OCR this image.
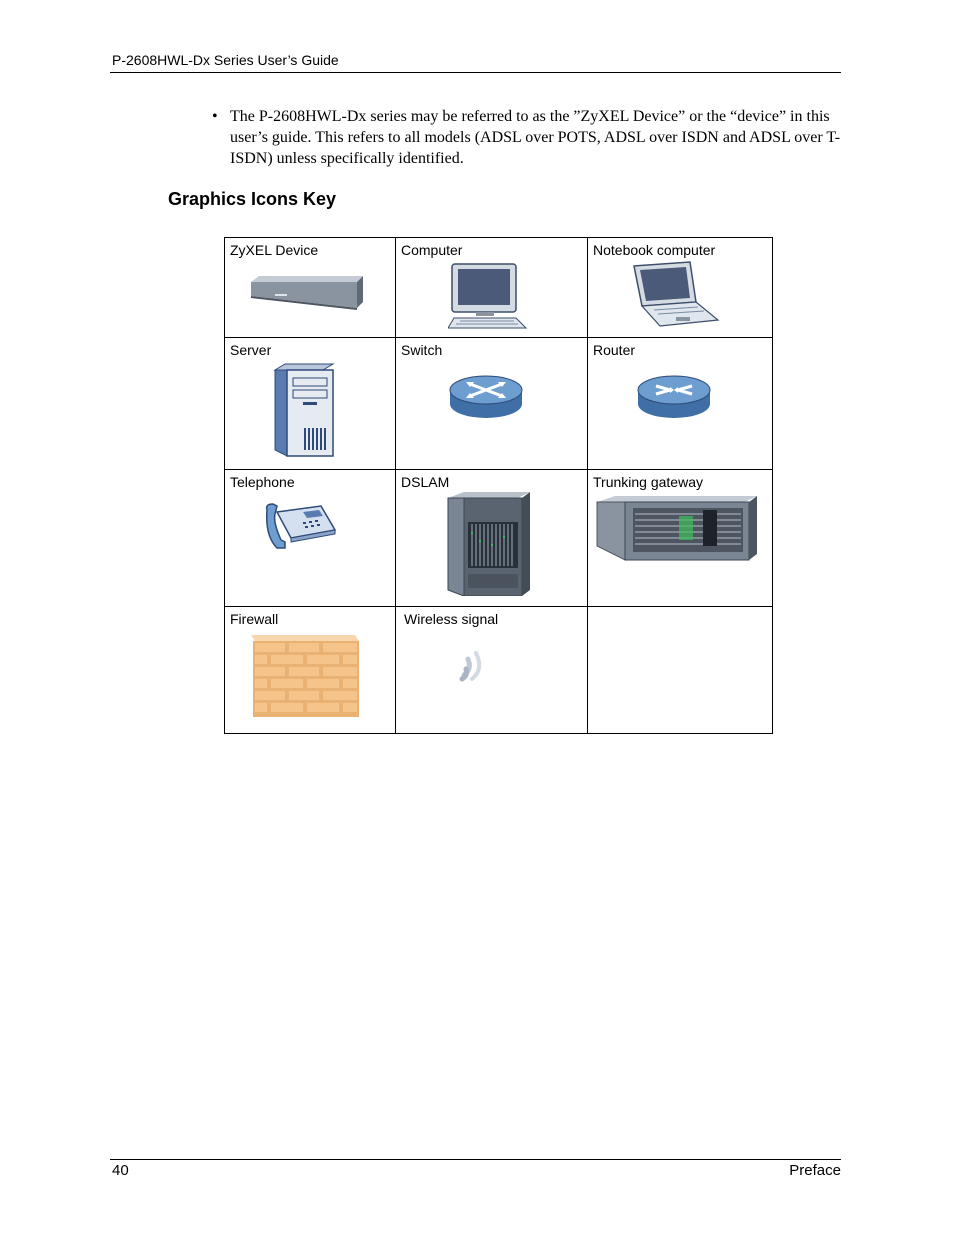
P-2608HWL-Dx Series User’s Guide
• The P-2608HWL-Dx series may be referred to as the ”ZyXEL Device” or the “device” in this user’s guide. This refers to all models (ADSL over POTS, ADSL over ISDN and ADSL over T-ISDN) unless specifically identified.
Graphics Icons Key
ZyXEL Device	Computer	Notebook computer

Server	Switch	Router

Telephone	DSLAM	Trunking gateway

Firewall	Wireless signal	

40	Preface
